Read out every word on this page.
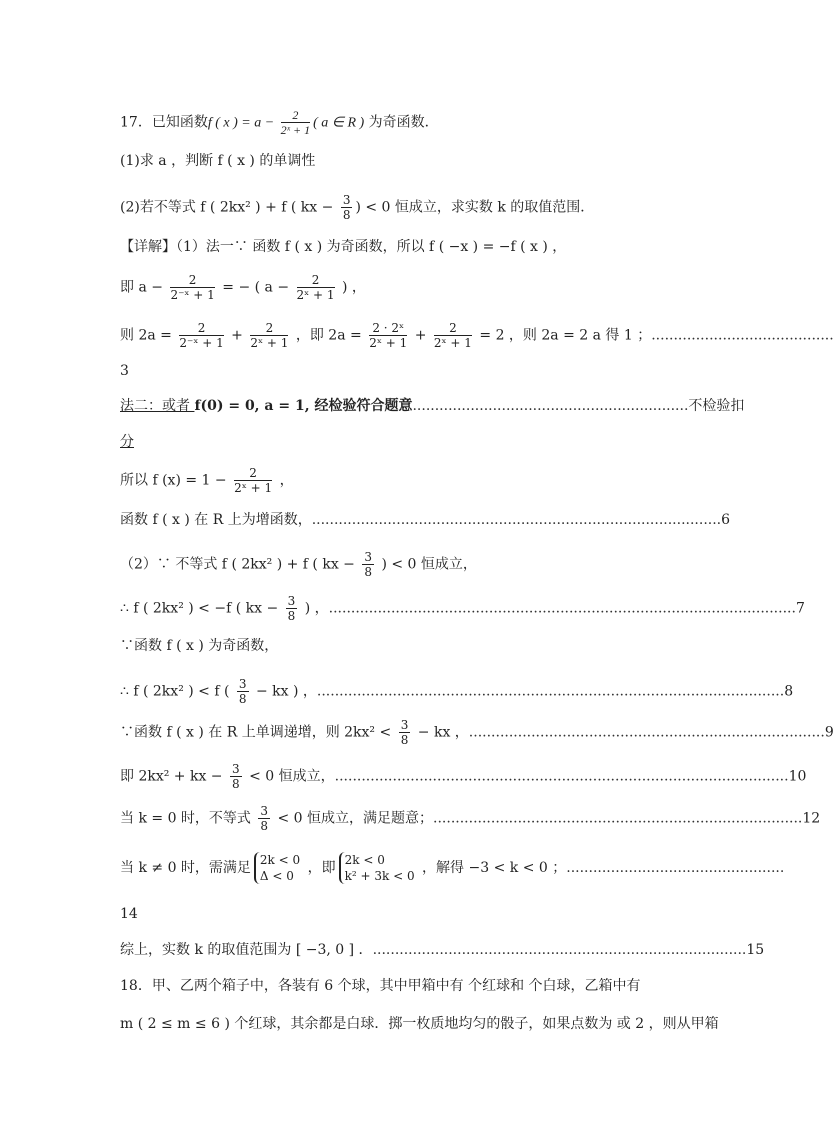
17．已知函数f ( x ) = $a - \frac{2}{\text{2ˣ + 1}}$ ( a ∈ R ) 为奇函数．
(1)求 a ，判断 f ( x ) 的单调性
(2)若不等式 f ( 2kx² ) + f ( kx − $\frac{3}{8}$ ) < 0 恒成立，求实数 k 的取值范围．
【详解】（1）法一∵ 函数 f ( x ) 为奇函数，所以 f ( −x ) = −f ( x ) ，
即 $a - \frac{2}{\text{2⁻ˣ + 1}}$ = − ( $a - \frac{2}{\text{2ˣ + 1}}$ ) ，
则 $2a = \frac{2}{\text{2⁻ˣ + 1}} + \frac{2}{\text{2ˣ + 1}}$ ，即 $2a = \frac{\text{2 · 2ˣ}}{\text{2ˣ + 1}} + \frac{2}{\text{2ˣ + 1}} = 2$ ，则 2a = 2 a 得 1 ；.........................................
3
法二：或者 f(0) = 0, a = 1, 经检验符合题意..............................................................不检验扣
分
所以 f $(x) = 1 - \frac{2}{\text{2ˣ + 1}}$ ，
函数 f ( x ) 在 R 上为增函数，............................................................................................6
（2）∵ 不等式 f ( 2kx² ) + f ( kx − $\frac{3}{8}$ ) < 0 恒成立，
∴ f ( 2kx² ) < −f ( kx − $\frac{3}{8}$ ) ，.........................................................................................................7
∵函数 f ( x ) 为奇函数，
∴ f ( 2kx² ) < f ( $\frac{3}{8}$ − kx ) ，.........................................................................................................8
∵函数 f ( x ) 在 R 上单调递增，则 $2kx^2 < \frac{3}{8}$ − kx ，................................................................................9
即 2kx² + kx − $\frac{3}{8} < 0$ 恒成立，......................................................................................................10
当 k = 0 时，不等式 $\frac{3}{8} < 0$ 恒成立，满足题意；...................................................................................12
当 k ≠ 0 时，需满足 2k < 0
Δ < 0 ，即 2k < 0
k² + 3k < 0 ，解得 −3 < k < 0 ；.................................................
14
综上，实数 k 的取值范围为 [ −3, 0 ] ．....................................................................................15
18．甲、乙两个箱子中，各装有 6 个球，其中甲箱中有 个红球和 个白球，乙箱中有
m ( 2 ≤ m ≤ 6 ) 个红球，其余都是白球．掷一枚质地均匀的骰子，如果点数为 或 2 ，则从甲箱
